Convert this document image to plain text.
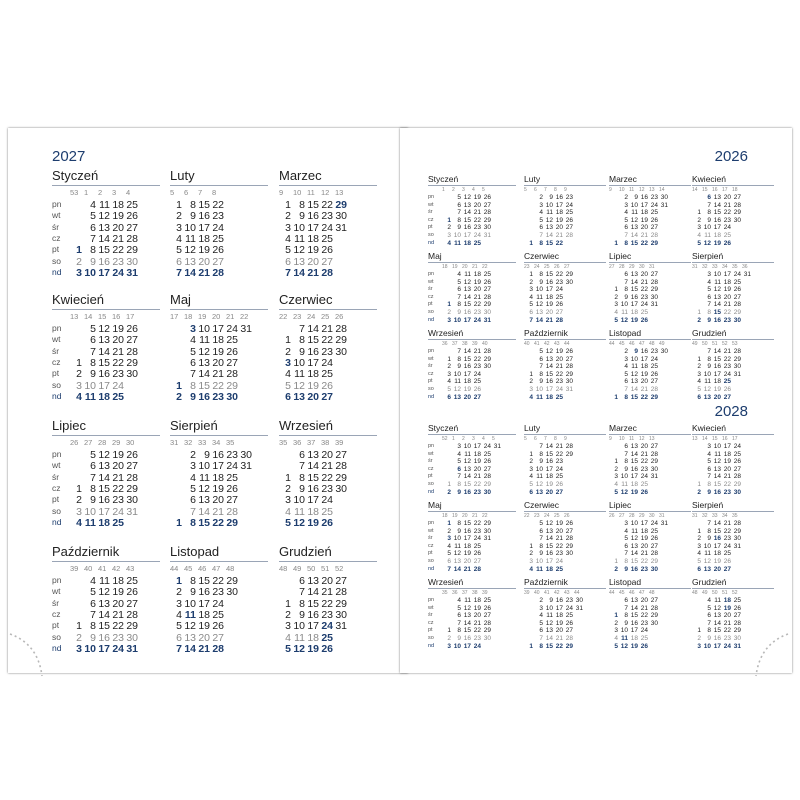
2027
Styczeń
53 1 2 3 4
pn	4 11 18 25
wt	5 12 19 26
śr	6 13 20 27
cz	7 14 21 28
pt	1 8 15 22 29
so	2 9 16 23 30
nd	3 10 17 24 31
Luty
5 6 7 8
1 8 15 22
2 9 16 23
3 10 17 24
4 11 18 25
5 12 19 26
6 13 20 27
7 14 21 28
Marzec
9 10 11 12 13
1 8 15 22 29
2 9 16 23 30
3 10 17 24 31
4 11 18 25
5 12 19 26
6 13 20 27
7 14 21 28
Kwiecień
13 14 15 16 17
pn	5 12 19 26
wt	6 13 20 27
śr	7 14 21 28
cz	1 8 15 22 29
pt	2 9 16 23 30
so	3 10 17 24
nd	4 11 18 25
Maj
17 18 19 20 21 22
3 10 17 24 31
4 11 18 25
5 12 19 26
6 13 20 27
7 14 21 28
1 8 15 22 29
2 9 16 23 30
Czerwiec
22 23 24 25 26
7 14 21 28
1 8 15 22 29
2 9 16 23 30
3 10 17 24
4 11 18 25
5 12 19 26
6 13 20 27
Lipiec
26 27 28 29 30
pn	5 12 19 26
wt	6 13 20 27
śr	7 14 21 28
cz	1 8 15 22 29
pt	2 9 16 23 30
so	3 10 17 24 31
nd	4 11 18 25
Sierpień
31 32 33 34 35
2 9 16 23 30
3 10 17 24 31
4 11 18 25
5 12 19 26
6 13 20 27
7 14 21 28
1 8 15 22 29
Wrzesień
35 36 37 38 39
6 13 20 27
7 14 21 28
1 8 15 22 29
2 9 16 23 30
3 10 17 24
4 11 18 25
5 12 19 26
Październik
39 40 41 42 43
pn	4 11 18 25
wt	5 12 19 26
śr	6 13 20 27
cz	7 14 21 28
pt	1 8 15 22 29
so	2 9 16 23 30
nd	3 10 17 24 31
Listopad
44 45 46 47 48
1 8 15 22 29
2 9 16 23 30
3 10 17 24
4 11 18 25
5 12 19 26
6 13 20 27
7 14 21 28
Grudzień
48 49 50 51 52
6 13 20 27
7 14 21 28
1 8 15 22 29
2 9 16 23 30
3 10 17 24 31
4 11 18 25
5 12 19 26
2026
2028
Styczeń
1 2 3 4 5
pn	5 12 19 26
wt	6 13 20 27
śr	7 14 21 28
cz	1 8 15 22 29
pt	2 9 16 23 30
so	3 10 17 24 31
nd	4 11 18 25
Luty
5 6 7 8 9
2 9 16 23
3 10 17 24
4 11 18 25
5 12 19 26
6 13 20 27
7 14 21 28
1 8 15 22
Marzec
9 10 11 12 13 14
2 9 16 23 30
3 10 17 24 31
4 11 18 25
5 12 19 26
6 13 20 27
7 14 21 28
1 8 15 22 29
Kwiecień
14 15 16 17 18
6 13 20 27
7 14 21 28
1 8 15 22 29
2 9 16 23 30
3 10 17 24
4 11 18 25
5 12 19 26
Maj
18 19 20 21 22
pn	4 11 18 25
wt	5 12 19 26
śr	6 13 20 27
cz	7 14 21 28
pt	1 8 15 22 29
so	2 9 16 23 30
nd	3 10 17 24 31
Czerwiec
23 24 25 26 27
1 8 15 22 29
2 9 16 23 30
3 10 17 24
4 11 18 25
5 12 19 26
6 13 20 27
7 14 21 28
Lipiec
27 28 29 30 31
6 13 20 27
7 14 21 28
1 8 15 22 29
2 9 16 23 30
3 10 17 24 31
4 11 18 25
5 12 19 26
Sierpień
31 32 33 34 35 36
3 10 17 24 31
4 11 18 25
5 12 19 26
6 13 20 27
7 14 21 28
1 8 15 22 29
2 9 16 23 30
Wrzesień
36 37 38 39 40
pn	7 14 21 28
wt	1 8 15 22 29
śr	2 9 16 23 30
cz	3 10 17 24
pt	4 11 18 25
so	5 12 19 26
nd	6 13 20 27
Październik
40 41 42 43 44
5 12 19 26
6 13 20 27
7 14 21 28
1 8 15 22 29
2 9 16 23 30
3 10 17 24 31
4 11 18 25
Listopad
44 45 46 47 48 49
2 9 16 23 30
3 10 17 24
4 11 18 25
5 12 19 26
6 13 20 27
7 14 21 28
1 8 15 22 29
Grudzień
49 50 51 52 53
7 14 21 28
1 8 15 22 29
2 9 16 23 30
3 10 17 24 31
4 11 18 25
5 12 19 26
6 13 20 27
Styczeń
52 1 2 3 4 5
pn	3 10 17 24 31
wt	4 11 18 25
śr	5 12 19 26
cz	6 13 20 27
pt	7 14 21 28
so	1 8 15 22 29
nd	2 9 16 23 30
Luty
5 6 7 8 9
7 14 21 28
1 8 15 22 29
2 9 16 23
3 10 17 24
4 11 18 25
5 12 19 26
6 13 20 27
Marzec
9 10 11 12 13
6 13 20 27
7 14 21 28
1 8 15 22 29
2 9 16 23 30
3 10 17 24 31
4 11 18 25
5 12 19 26
Kwiecień
13 14 15 16 17
3 10 17 24
4 11 18 25
5 12 19 26
6 13 20 27
7 14 21 28
1 8 15 22 29
2 9 16 23 30
Maj
18 19 20 21 22
pn	1 8 15 22 29
wt	2 9 16 23 30
śr	3 10 17 24 31
cz	4 11 18 25
pt	5 12 19 26
so	6 13 20 27
nd	7 14 21 28
Czerwiec
22 23 24 25 26
5 12 19 26
6 13 20 27
7 14 21 28
1 8 15 22 29
2 9 16 23 30
3 10 17 24
4 11 18 25
Lipiec
26 27 28 29 30 31
3 10 17 24 31
4 11 18 25
5 12 19 26
6 13 20 27
7 14 21 28
1 8 15 22 29
2 9 16 23 30
Sierpień
31 32 33 34 35
7 14 21 28
1 8 15 22 29
2 9 16 23 30
3 10 17 24 31
4 11 18 25
5 12 19 26
6 13 20 27
Wrzesień
35 36 37 38 39
pn	4 11 18 25
wt	5 12 19 26
śr	6 13 20 27
cz	7 14 21 28
pt	1 8 15 22 29
so	2 9 16 23 30
nd	3 10 17 24
Październik
39 40 41 42 43 44
2 9 16 23 30
3 10 17 24 31
4 11 18 25
5 12 19 26
6 13 20 27
7 14 21 28
1 8 15 22 29
Listopad
44 45 46 47 48
6 13 20 27
7 14 21 28
1 8 15 22 29
2 9 16 23 30
3 10 17 24
4 11 18 25
5 12 19 26
Grudzień
48 49 50 51 52
4 11 18 25
5 12 19 26
6 13 20 27
7 14 21 28
1 8 15 22 29
2 9 16 23 30
3 10 17 24 31
